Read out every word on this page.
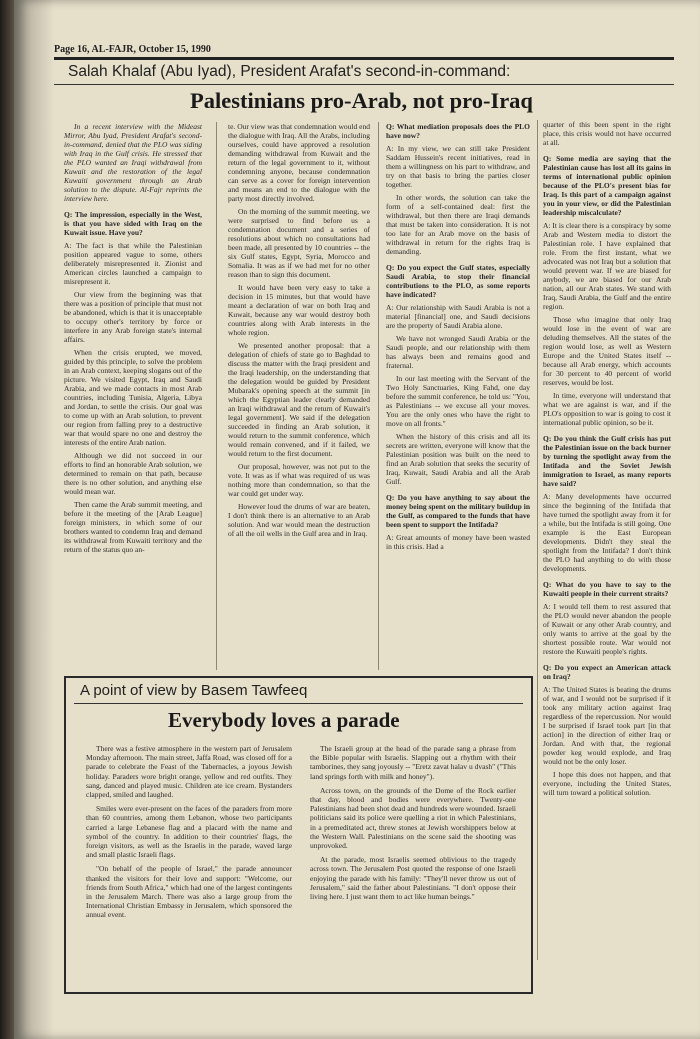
Page 16, AL-FAJR, October 15, 1990
Salah Khalaf (Abu Iyad), President Arafat's second-in-command:
Palestinians pro-Arab, not pro-Iraq

In a recent interview with the Mideast Mirror, Abu Iyad, President Arafat's second-in-command, denied that the PLO was siding with Iraq in the Gulf crisis. He stressed that the PLO wanted an Iraqi withdrawal from Kuwait and the restoration of the legal Kuwaiti government through an Arab solution to the dispute. Al-Fajr reprints the interview here.

Q: The impression, especially in the West, is that you have sided with Iraq on the Kuwait issue. Have you?

A: The fact is that while the Palestinian position appeared vague to some, others deliberately misrepresented it. Zionist and American circles launched a campaign to misrepresent it.

Our view from the beginning was that there was a position of principle that must not be abandoned, which is that it is unacceptable to occupy other's territory by force or interfere in any Arab foreign state's internal affairs.

When the crisis erupted, we moved, guided by this principle, to solve the problem in an Arab context, keeping slogans out of the picture. We visited Egypt, Iraq and Saudi Arabia, and we made contacts in most Arab countries, including Tunisia, Algeria, Libya and Jordan, to settle the crisis. Our goal was to come up with an Arab solution, to prevent our region from falling prey to a destructive war that would spare no one and destroy the interests of the entire Arab nation.

Although we did not succeed in our efforts to find an honorable Arab solution, we determined to remain on that path, because there is no other solution, and anything else would mean war.

Then came the Arab summit meeting, and before it the meeting of the [Arab League] foreign ministers, in which some of our brothers wanted to condemn Iraq and demand its withdrawal from Kuwaiti territory and the return of the status quo an-

te. Our view was that condemnation would end the dialogue with Iraq. All the Arabs, including ourselves, could have approved a resolution demanding withdrawal from Kuwait and the return of the legal government to it, without condemning anyone, because condemnation can serve as a cover for foreign intervention and means an end to the dialogue with the party most directly involved.

On the morning of the summit meeting, we were surprised to find before us a condemnation document and a series of resolutions about which no consultations had been made, all presented by 10 countries -- the six Gulf states, Egypt, Syria, Morocco and Somalia. It was as if we had met for no other reason than to sign this document.

It would have been very easy to take a decision in 15 minutes, but that would have meant a declaration of war on both Iraq and Kuwait, because any war would destroy both countries along with Arab interests in the whole region.

We presented another proposal: that a delegation of chiefs of state go to Baghdad to discuss the matter with the Iraqi president and the Iraqi leadership, on the understanding that the delegation would be guided by President Mubarak's opening speech at the summit [in which the Egyptian leader clearly demanded an Iraqi withdrawal and the return of Kuwait's legal government]. We said if the delegation succeeded in finding an Arab solution, it would return to the summit conference, which would remain convened, and if it failed, we would return to the first document.

Our proposal, however, was not put to the vote. It was as if what was required of us was nothing more than condemnation, so that the war could get under way.

However loud the drums of war are beaten, I don't think there is an alternative to an Arab solution. And war would mean the destruction of all the oil wells in the Gulf area and in Iraq.

Q: What mediation proposals does the PLO have now?

A: In my view, we can still take President Saddam Hussein's recent initiatives, read in them a willingness on his part to withdraw, and try on that basis to bring the parties closer together.

In other words, the solution can take the form of a self-contained deal: first the withdrawal, but then there are Iraqi demands that must be taken into consideration. It is not too late for an Arab move on the basis of withdrawal in return for the rights Iraq is demanding.

Q: Do you expect the Gulf states, especially Saudi Arabia, to stop their financial contributions to the PLO, as some reports have indicated?

A: Our relationship with Saudi Arabia is not a material [financial] one, and Saudi decisions are the property of Saudi Arabia alone.

We have not wronged Saudi Arabia or the Saudi people, and our relationship with them has always been and remains good and fraternal.

In our last meeting with the Servant of the Two Holy Sanctuaries, King Fahd, one day before the summit conference, he told us: "You, as Palestinians -- we excuse all your moves. You are the only ones who have the right to move on all fronts."

When the history of this crisis and all its secrets are written, everyone will know that the Palestinian position was built on the need to find an Arab solution that seeks the security of Iraq, Kuwait, Saudi Arabia and all the Arab Gulf.

Q: Do you have anything to say about the money being spent on the military buildup in the Gulf, as compared to the funds that have been spent to support the Intifada?

A: Great amounts of money have been wasted in this crisis. Had a

quarter of this been spent in the right place, this crisis would not have occurred at all.

Q: Some media are saying that the Palestinian cause has lost all its gains in terms of international public opinion because of the PLO's present bias for Iraq. Is this part of a campaign against you in your view, or did the Palestinian leadership miscalculate?

A: It is clear there is a conspiracy by some Arab and Western media to distort the Palestinian role. I have explained that role. From the first instant, what we advocated was not Iraq but a solution that would prevent war. If we are biased for anybody, we are biased for our Arab nation, all our Arab states. We stand with Iraq, Saudi Arabia, the Gulf and the entire region.

Those who imagine that only Iraq would lose in the event of war are deluding themselves. All the states of the region would lose, as well as Western Europe and the United States itself -- because all Arab energy, which accounts for 30 percent to 40 percent of world reserves, would be lost.

In time, everyone will understand that what we are against is war, and if the PLO's opposition to war is going to cost it international public opinion, so be it.

Q: Do you think the Gulf crisis has put the Palestinian issue on the back burner by turning the spotlight away from the Intifada and the Soviet Jewish immigration to Israel, as many reports have said?

A: Many developments have occurred since the beginning of the Intifada that have turned the spotlight away from it for a while, but the Intifada is still going. One example is the East European developments. Didn't they steal the spotlight from the Intifada? I don't think the PLO had anything to do with those developments.

Q: What do you have to say to the Kuwaiti people in their current straits?

A: I would tell them to rest assured that the PLO would never abandon the people of Kuwait or any other Arab country, and only wants to arrive at the goal by the shortest possible route. War would not restore the Kuwaiti people's rights.

Q: Do you expect an American attack on Iraq?

A: The United States is beating the drums of war, and I would not be surprised if it took any military action against Iraq regardless of the repercussion. Nor would I be surprised if Israel took part [in that action] in the direction of either Iraq or Jordan. And with that, the regional powder keg would explode, and Iraq would not be the only loser.

I hope this does not happen, and that everyone, including the United States, will turn toward a political solution.

A point of view by Basem Tawfeeq
Everybody loves a parade

There was a festive atmosphere in the western part of Jerusalem Monday afternoon. The main street, Jaffa Road, was closed off for a parade to celebrate the Feast of the Tabernacles, a joyous Jewish holiday. Paraders wore bright orange, yellow and red outfits. They sang, danced and played music. Children ate ice cream. Bystanders clapped, smiled and laughed.

Smiles were ever-present on the faces of the paraders from more than 60 countries, among them Lebanon, whose two participants carried a large Lebanese flag and a placard with the name and symbol of the country. In addition to their countries' flags, the foreign visitors, as well as the Israelis in the parade, waved large and small plastic Israeli flags.

"On behalf of the people of Israel," the parade announcer thanked the visitors for their love and support: "Welcome, our friends from South Africa," which had one of the largest contingents in the Jerusalem March. There was also a large group from the International Christian Embassy in Jerusalem, which sponsored the annual event.

The Israeli group at the head of the parade sang a phrase from the Bible popular with Israelis. Slapping out a rhythm with their tamborines, they sang joyously -- "Eretz zavat halav u dvash" ("This land springs forth with milk and honey").

Across town, on the grounds of the Dome of the Rock earlier that day, blood and bodies were everywhere. Twenty-one Palestinians had been shot dead and hundreds were wounded. Israeli politicians said its police were quelling a riot in which Palestinians, in a premeditated act, threw stones at Jewish worshippers below at the Western Wall. Palestinians on the scene said the shooting was unprovoked.

At the parade, most Israelis seemed oblivious to the tragedy across town. The Jerusalem Post quoted the response of one Israeli enjoying the parade with his family: "They'll never throw us out of Jerusalem," said the father about Palestinians. "I don't oppose their living here. I just want them to act like human beings."
